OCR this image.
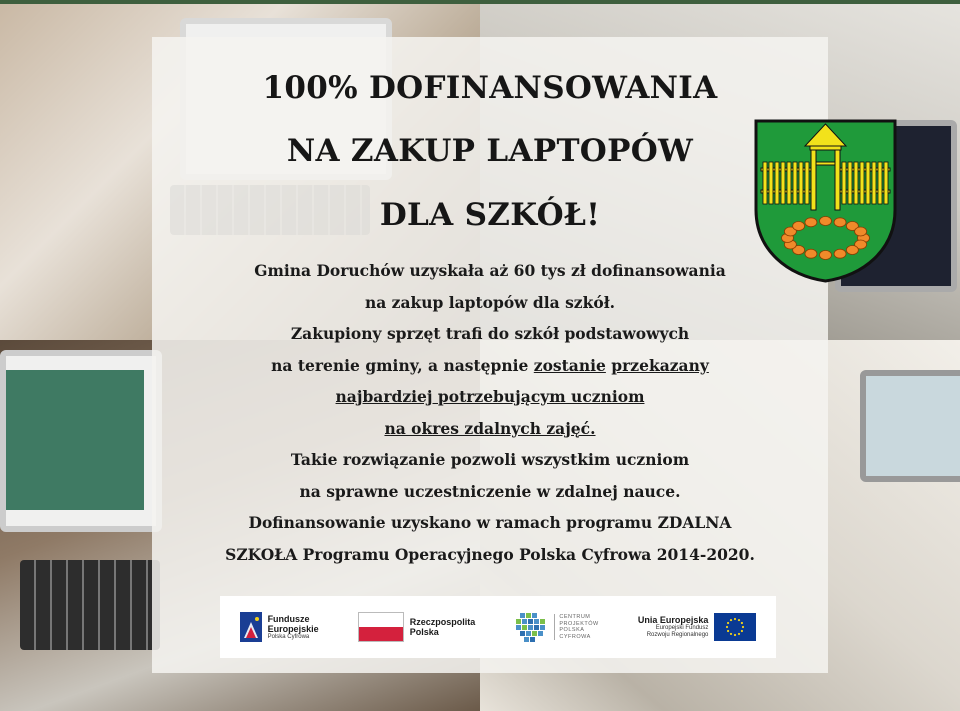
100% DOFINANSOWANIA
NA ZAKUP LAPTOPÓW
DLA SZKÓŁ!
Gmina Doruchów uzyskała aż 60 tys zł dofinansowania
na zakup laptopów dla szkół.
Zakupiony sprzęt trafi do szkół podstawowych
na terenie gminy, a następnie zostanie przekazany
najbardziej potrzebującym uczniom
na okres zdalnych zajęć.
Takie rozwiązanie pozwoli wszystkim uczniom
na sprawne uczestniczenie w zdalnej nauce.
Dofinansowanie uzyskano w ramach programu ZDALNA
SZKOŁA Programu Operacyjnego Polska Cyfrowa 2014-2020.
Fundusze
Europejskie
Polska Cyfrowa
Rzeczpospolita
Polska
CENTRUM
PROJEKTÓW
POLSKA
CYFROWA
Unia Europejska
Europejski Fundusz
Rozwoju Regionalnego
